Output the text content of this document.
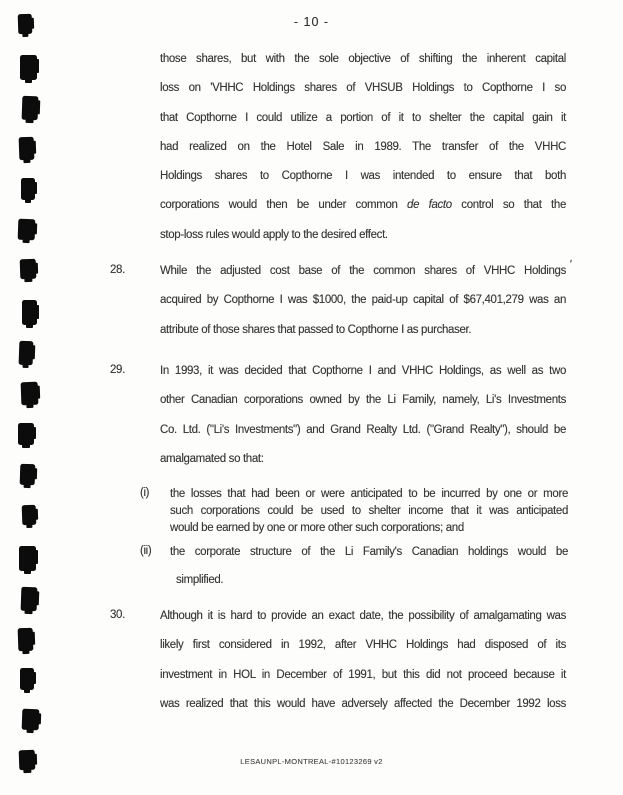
- 10 -
those shares, but with the sole objective of shifting the inherent capital
loss on 'VHHC Holdings shares of VHSUB Holdings to Copthorne I so
that Copthorne I could utilize a portion of it to shelter the capital gain it
had realized on the Hotel Sale in 1989. The transfer of the VHHC
Holdings shares to Copthorne I was intended to ensure that both
corporations would then be under common de facto control so that the
stop-loss rules would apply to the desired effect.
28.	While the adjusted cost base of the common shares of VHHC Holdings
acquired by Copthorne I was $1000, the paid-up capital of $67,401,279 was an
attribute of those shares that passed to Copthorne I as purchaser.
29.	In 1993, it was decided that Copthorne I and VHHC Holdings, as well as two
other Canadian corporations owned by the Li Family, namely, Li's Investments
Co. Ltd. ("Li's Investments") and Grand Realty Ltd. ("Grand Realty"), should be
amalgamated so that:
(i)	the losses that had been or were anticipated to be incurred by one or more
such corporations could be used to shelter income that it was anticipated
would be earned by one or more other such corporations; and
(ii)	the corporate structure of the Li Family's Canadian holdings would be
simplified.
30.	Although it is hard to provide an exact date, the possibility of amalgamating was
likely first considered in 1992, after VHHC Holdings had disposed of its
investment in HOL in December of 1991, but this did not proceed because it
was realized that this would have adversely affected the December 1992 loss
'
LESAUNPL-MONTREAL-#10123269 v2
